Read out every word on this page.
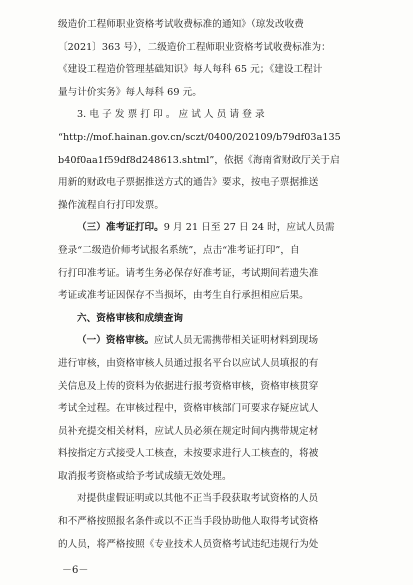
级造价工程师职业资格考试收费标准的通知》（琼发改收费
〔2021〕363 号），二级造价工程师职业资格考试收费标准为：
《建设工程造价管理基础知识》每人每科 65 元；《建设工程计
量与计价实务》每人每科 69 元。
3. 电 子 发 票 打 印 。 应 试 人 员 请 登 录
“http://mof.hainan.gov.cn/sczt/0400/202109/b79df03a135
b40f0aa1f59df8d248613.shtml”，依据《海南省财政厅关于启
用新的财政电子票据推送方式的通告》要求，按电子票据推送
操作流程自行打印发票。
（三）准考证打印。9 月 21 日至 27 日 24 时，应试人员需
登录“二级造价师考试报名系统”，点击“准考证打印”，自
行打印准考证。请考生务必保存好准考证，考试期间若遗失准
考证或准考证因保存不当损坏，由考生自行承担相应后果。
六、资格审核和成绩查询
（一）资格审核。应试人员无需携带相关证明材料到现场
进行审核，由资格审核人员通过报名平台以应试人员填报的有
关信息及上传的资料为依据进行报考资格审核，资格审核贯穿
考试全过程。在审核过程中，资格审核部门可要求存疑应试人
员补充提交相关材料，应试人员必须在规定时间内携带规定材
料按指定方式接受人工核查，未按要求进行人工核查的，将被
取消报考资格或给予考试成绩无效处理。
对提供虚假证明或以其他不正当手段获取考试资格的人员
和不严格按照报名条件或以不正当手段协助他人取得考试资格
的人员，将严格按照《专业技术人员资格考试违纪违规行为处
－6－
